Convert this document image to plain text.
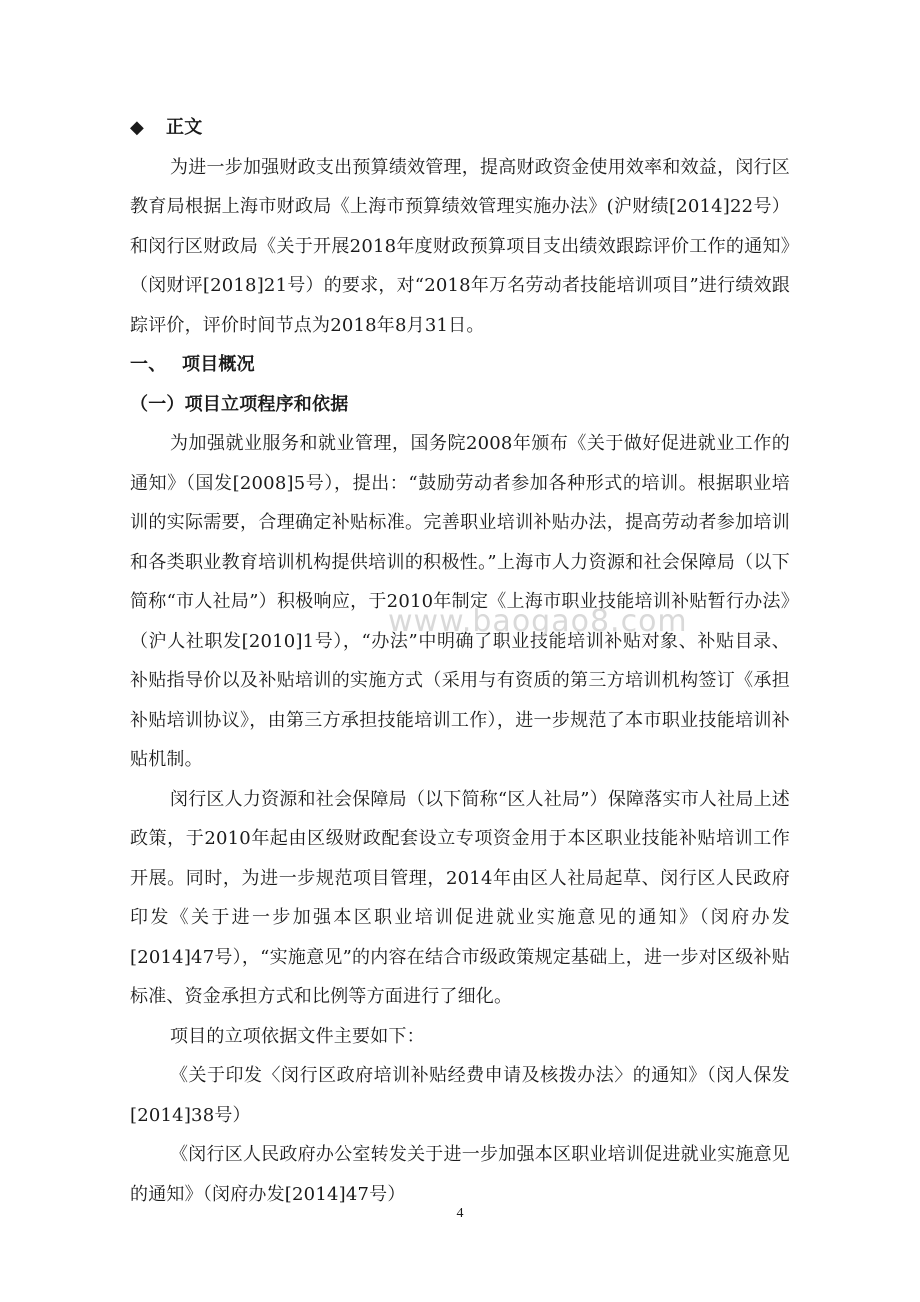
◆ 正文

为进一步加强财政支出预算绩效管理，提高财政资金使用效率和效益，闵行区教育局根据上海市财政局《上海市预算绩效管理实施办法》(沪财绩[2014]22号）和闵行区财政局《关于开展2018年度财政预算项目支出绩效跟踪评价工作的通知》（闵财评[2018]21号）的要求，对“2018年万名劳动者技能培训项目”进行绩效跟踪评价，评价时间节点为2018年8月31日。

一、 项目概况

（一）项目立项程序和依据

为加强就业服务和就业管理，国务院2008年颁布《关于做好促进就业工作的通知》（国发[2008]5号），提出：“鼓励劳动者参加各种形式的培训。根据职业培训的实际需要，合理确定补贴标准。完善职业培训补贴办法，提高劳动者参加培训和各类职业教育培训机构提供培训的积极性。”上海市人力资源和社会保障局（以下简称“市人社局”）积极响应，于2010年制定《上海市职业技能培训补贴暂行办法》（沪人社职发[2010]1号），“办法”中明确了职业技能培训补贴对象、补贴目录、补贴指导价以及补贴培训的实施方式（采用与有资质的第三方培训机构签订《承担补贴培训协议》，由第三方承担技能培训工作），进一步规范了本市职业技能培训补贴机制。

闵行区人力资源和社会保障局（以下简称“区人社局”）保障落实市人社局上述政策，于2010年起由区级财政配套设立专项资金用于本区职业技能补贴培训工作开展。同时，为进一步规范项目管理，2014年由区人社局起草、闵行区人民政府印发《关于进一步加强本区职业培训促进就业实施意见的通知》（闵府办发[2014]47号），“实施意见”的内容在结合市级政策规定基础上，进一步对区级补贴标准、资金承担方式和比例等方面进行了细化。

项目的立项依据文件主要如下：

《关于印发〈闵行区政府培训补贴经费申请及核拨办法〉的通知》（闵人保发[2014]38号）

《闵行区人民政府办公室转发关于进一步加强本区职业培训促进就业实施意见的通知》（闵府办发[2014]47号）

www.baogao8.com
4
